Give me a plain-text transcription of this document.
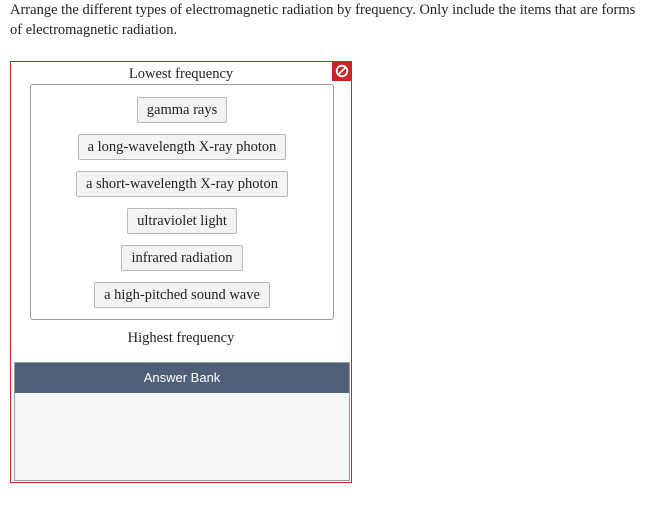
Arrange the different types of electromagnetic radiation by frequency. Only include the items that are forms of electromagnetic radiation.

Lowest frequency
gamma rays
a long-wavelength X-ray photon
a short-wavelength X-ray photon
ultraviolet light
infrared radiation
a high-pitched sound wave
Highest frequency
Answer Bank
